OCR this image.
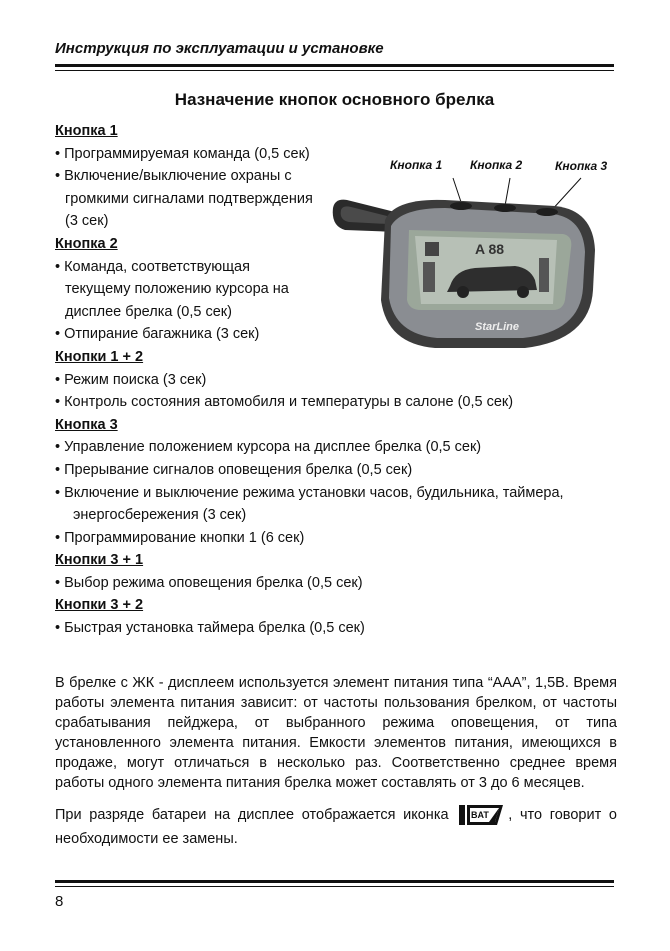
Инструкция по эксплуатации и установке
Назначение кнопок основного брелка
Кнопка 1
• Программируемая команда (0,5 сек)
• Включение/выключение охраны с громкими сигналами подтверждения (3 сек)
Кнопка 2
• Команда, соответствующая текущему положению курсора на дисплее брелка (0,5 сек)
• Отпирание багажника (3 сек)
Кнопки 1 + 2
• Режим поиска (3 сек)
• Контроль состояния автомобиля и температуры в салоне (0,5 сек)
Кнопка 3
• Управление положением курсора на дисплее брелка (0,5 сек)
• Прерывание сигналов оповещения брелка (0,5 сек)
• Включение и выключение режима установки часов, будильника, таймера, энергосбережения (3 сек)
• Программирование кнопки 1 (6 сек)
Кнопки 3 + 1
• Выбор режима оповещения брелка (0,5 сек)
Кнопки 3 + 2
• Быстрая установка таймера брелка (0,5 сек)
Кнопка 1 Кнопка 2	Кнопка 3
A 88
StarLine
В брелке с ЖК - дисплеем используется элемент питания типа “ААА”, 1,5В. Время работы элемента питания зависит: от частоты пользования брелком, от частоты срабатывания пейджера, от выбранного режима оповещения, от типа установленного элемента питания. Емкости элементов питания, имеющихся в продаже, могут отличаться в несколько раз. Соответственно среднее время работы одного элемента питания брелка может составлять от 3 до 6 месяцев.
При разряде батареи на дисплее отображается иконка	BAT , что говорит о необходимости ее замены.
8
